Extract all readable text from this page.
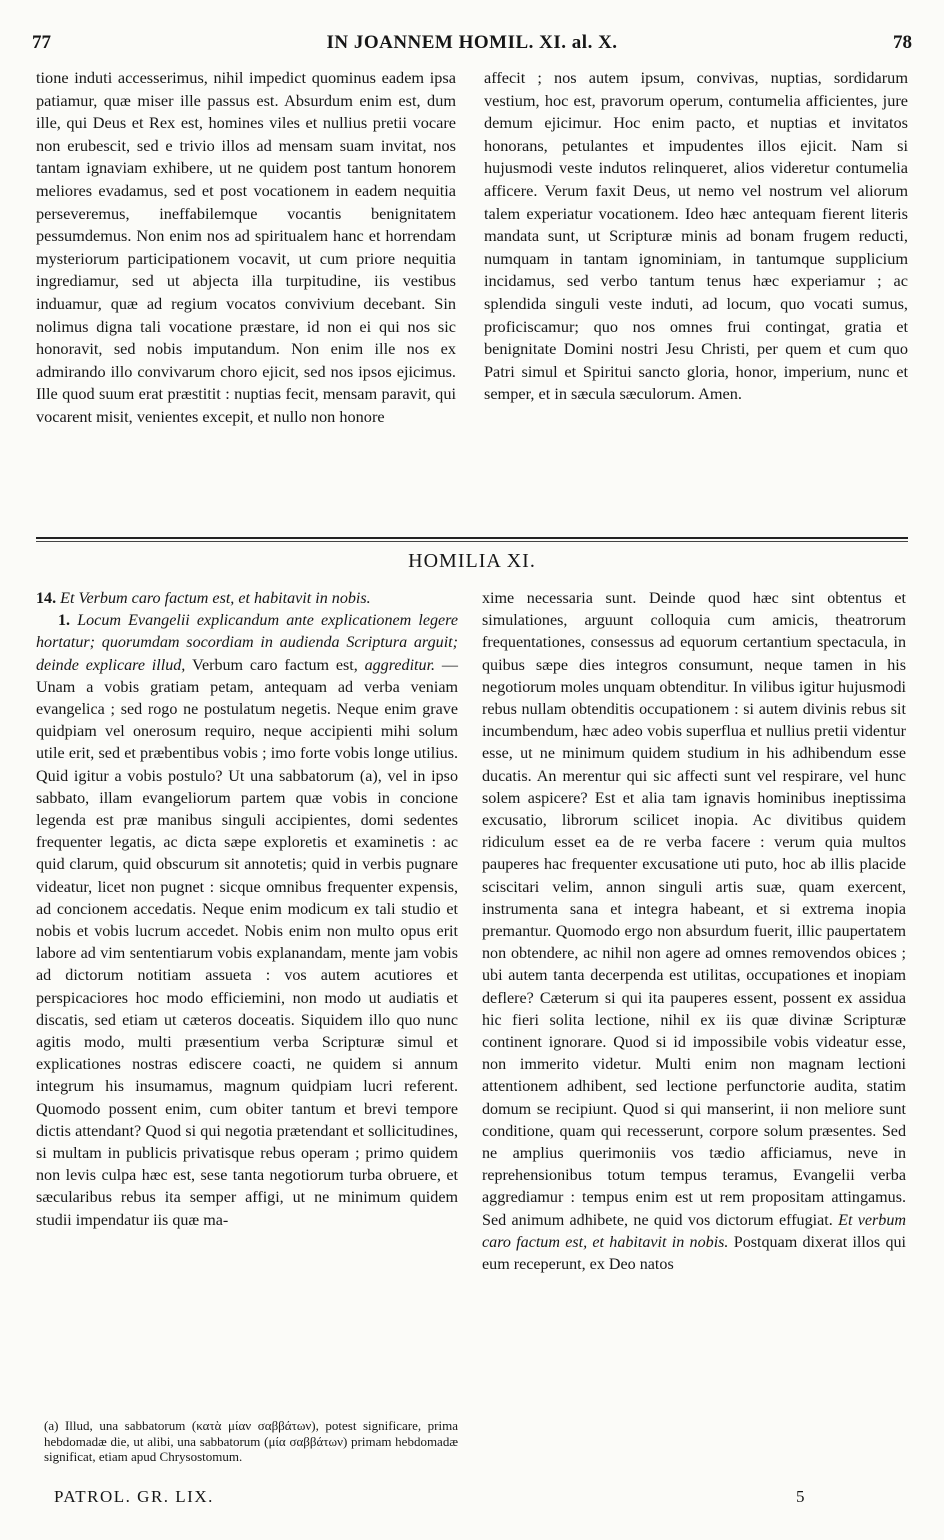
77	IN JOANNEM HOMIL. XI. al. X.	78

tione induti accesserimus, nihil impedict quominus eadem ipsa patiamur, quæ miser ille passus est. Absurdum enim est, dum ille, qui Deus et Rex est, homines viles et nullius pretii vocare non erubescit, sed e trivio illos ad mensam suam invitat, nos tantam ignaviam exhibere, ut ne quidem post tantum honorem meliores evadamus, sed et post vocationem in eadem nequitia perseveremus, ineffabilemque vocantis benignitatem pessumdemus. Non enim nos ad spiritualem hanc et horrendam mysteriorum participationem vocavit, ut cum priore nequitia ingrediamur, sed ut abjecta illa turpitudine, iis vestibus induamur, quæ ad regium vocatos convivium decebant. Sin nolimus digna tali vocatione præstare, id non ei qui nos sic honoravit, sed nobis imputandum. Non enim ille nos ex admirando illo convivarum choro ejicit, sed nos ipsos ejicimus. Ille quod suum erat præstitit : nuptias fecit, mensam paravit, qui vocarent misit, venientes excepit, et nullo non honore

affecit ; nos autem ipsum, convivas, nuptias, sordidarum vestium, hoc est, pravorum operum, contumelia afficientes, jure demum ejicimur. Hoc enim pacto, et nuptias et invitatos honorans, petulantes et impudentes illos ejicit. Nam si hujusmodi veste indutos relinqueret, alios videretur contumelia afficere. Verum faxit Deus, ut nemo vel nostrum vel aliorum talem experiatur vocationem. Ideo hæc antequam fierent literis mandata sunt, ut Scripturæ minis ad bonam frugem reducti, numquam in tantam ignominiam, in tantumque supplicium incidamus, sed verbo tantum tenus hæc experiamur ; ac splendida singuli veste induti, ad locum, quo vocati sumus, proficiscamur; quo nos omnes frui contingat, gratia et benignitate Domini nostri Jesu Christi, per quem et cum quo Patri simul et Spiritui sancto gloria, honor, imperium, nunc et semper, et in sæcula sæculorum. Amen.

HOMILIA XI.

14. Et Verbum caro factum est, et habitavit in nobis.

1. Locum Evangelii explicandum ante explicationem legere hortatur; quorumdam socordiam in audienda Scriptura arguit; deinde explicare illud, Verbum caro factum est, aggreditur. — Unam a vobis gratiam petam, antequam ad verba veniam evangelica ; sed rogo ne postulatum negetis. Neque enim grave quidpiam vel onerosum requiro, neque accipienti mihi solum utile erit, sed et præbentibus vobis ; imo forte vobis longe utilius. Quid igitur a vobis postulo? Ut una sabbatorum (a), vel in ipso sabbato, illam evangeliorum partem quæ vobis in concione legenda est præ manibus singuli accipientes, domi sedentes frequenter legatis, ac dicta sæpe exploretis et examinetis : ac quid clarum, quid obscurum sit annotetis; quid in verbis pugnare videatur, licet non pugnet : sicque omnibus frequenter expensis, ad concionem accedatis. Neque enim modicum ex tali studio et nobis et vobis lucrum accedet. Nobis enim non multo opus erit labore ad vim sententiarum vobis explanandam, mente jam vobis ad dictorum notitiam assueta : vos autem acutiores et perspicaciores hoc modo efficiemini, non modo ut audiatis et discatis, sed etiam ut cæteros doceatis. Siquidem illo quo nunc agitis modo, multi præsentium verba Scripturæ simul et explicationes nostras ediscere coacti, ne quidem si annum integrum his insumamus, magnum quidpiam lucri referent. Quomodo possent enim, cum obiter tantum et brevi tempore dictis attendant? Quod si qui negotia prætendant et sollicitudines, si multam in publicis privatisque rebus operam ; primo quidem non levis culpa hæc est, sese tanta negotiorum turba obruere, et sæcularibus rebus ita semper affigi, ut ne minimum quidem studii impendatur iis quæ ma-

xime necessaria sunt. Deinde quod hæc sint obtentus et simulationes, arguunt colloquia cum amicis, theatrorum frequentationes, consessus ad equorum certantium spectacula, in quibus sæpe dies integros consumunt, neque tamen in his negotiorum moles unquam obtenditur. In vilibus igitur hujusmodi rebus nullam obtenditis occupationem : si autem divinis rebus sit incumbendum, hæc adeo vobis superflua et nullius pretii videntur esse, ut ne minimum quidem studium in his adhibendum esse ducatis. An merentur qui sic affecti sunt vel respirare, vel hunc solem aspicere? Est et alia tam ignavis hominibus ineptissima excusatio, librorum scilicet inopia. Ac divitibus quidem ridiculum esset ea de re verba facere : verum quia multos pauperes hac frequenter excusatione uti puto, hoc ab illis placide sciscitari velim, annon singuli artis suæ, quam exercent, instrumenta sana et integra habeant, et si extrema inopia premantur. Quomodo ergo non absurdum fuerit, illic paupertatem non obtendere, ac nihil non agere ad omnes removendos obices ; ubi autem tanta decerpenda est utilitas, occupationes et inopiam deflere? Cæterum si qui ita pauperes essent, possent ex assidua hic fieri solita lectione, nihil ex iis quæ divinæ Scripturæ continent ignorare. Quod si id impossibile vobis videatur esse, non immerito videtur. Multi enim non magnam lectioni attentionem adhibent, sed lectione perfunctorie audita, statim domum se recipiunt. Quod si qui manserint, ii non meliore sunt conditione, quam qui recesserunt, corpore solum præsentes. Sed ne amplius querimoniis vos tædio afficiamus, neve in reprehensionibus totum tempus teramus, Evangelii verba aggrediamur : tempus enim est ut rem propositam attingamus. Sed animum adhibete, ne quid vos dictorum effugiat. Et verbum caro factum est, et habitavit in nobis. Postquam dixerat illos qui eum receperunt, ex Deo natos

(a) Illud, una sabbatorum (κατὰ μίαν σαββάτων), potest significare, prima hebdomadæ die, ut alibi, una sabbatorum (μία σαββάτων) primam hebdomadæ significat, etiam apud Chrysostomum.
PATROL. GR. LIX.	5
